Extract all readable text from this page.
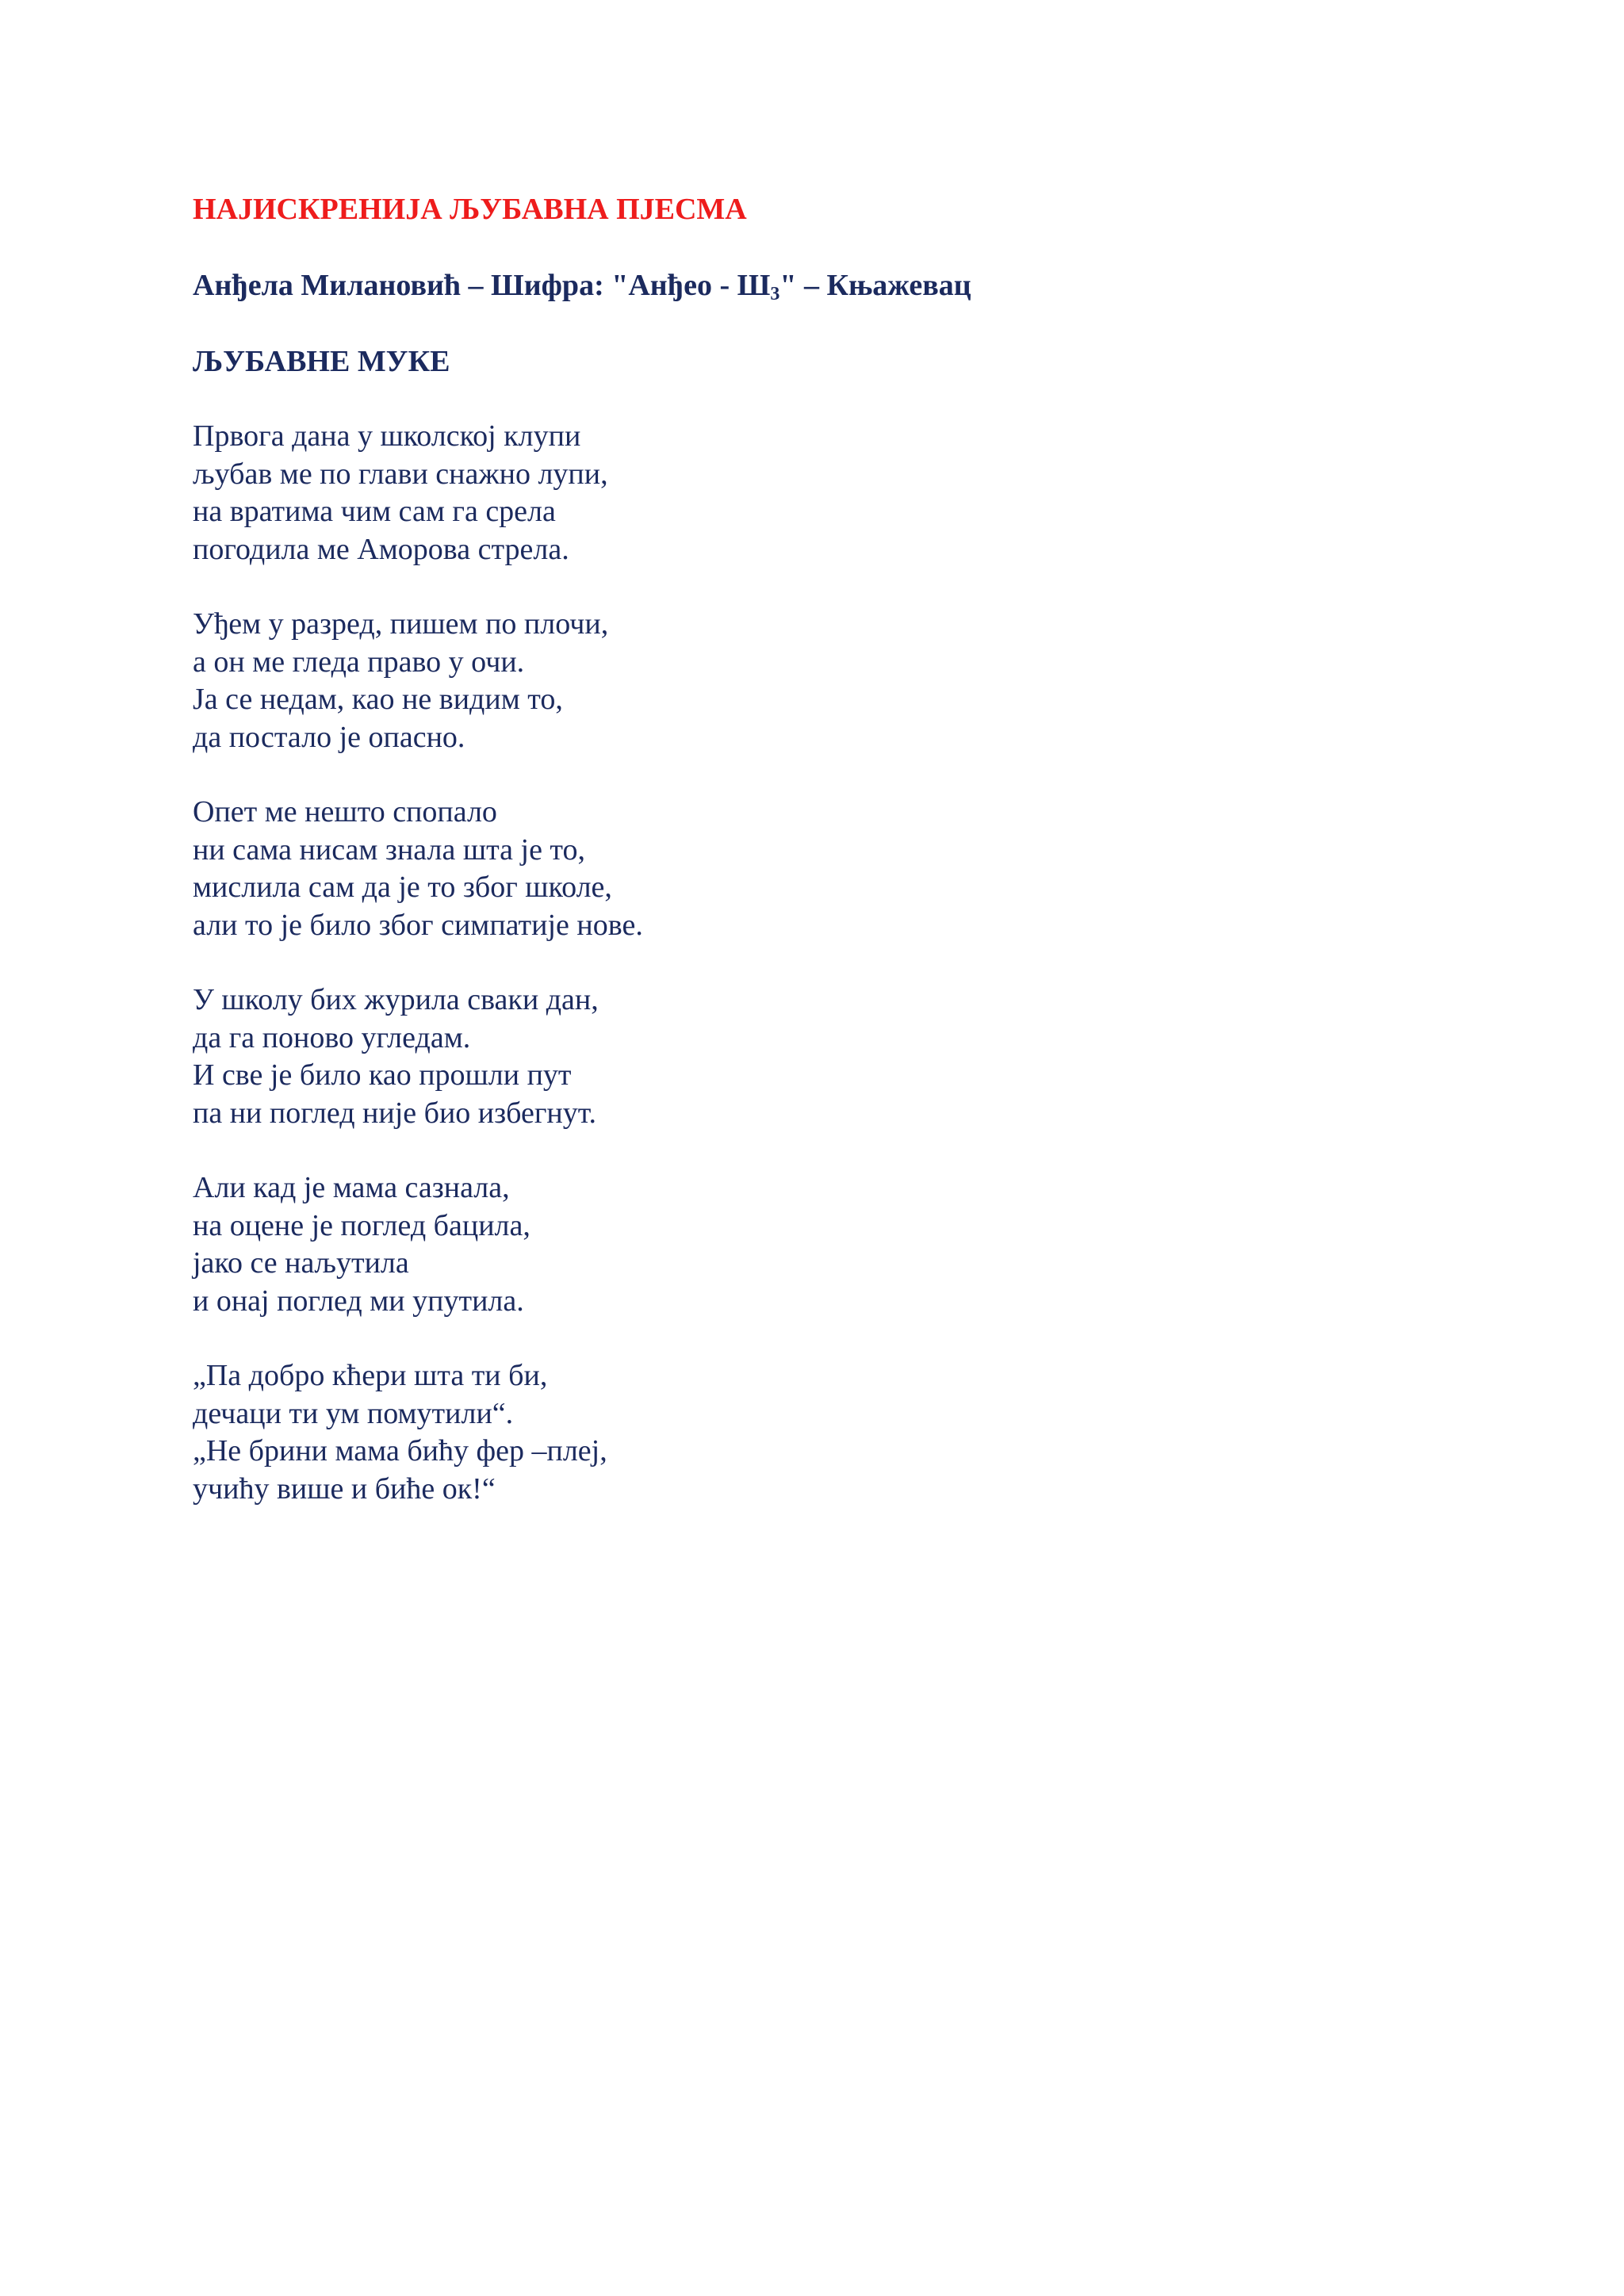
НАЈИСКРЕНИЈА ЉУБАВНА ПЈЕСМА
Анђела Милановић – Шифра: "Анђео - $Ш_3$" – Књажевац
ЉУБАВНЕ МУКЕ
Првога дана у школској клупи
љубав ме по глави снажно лупи,
на вратима чим сам га срела
погодила ме Аморова стрела.
Уђем у разред, пишем по плочи,
а он ме гледа право у очи.
Ја се недам, као не видим то,
да постало је опасно.
Опет ме нешто спопало
ни сама нисам знала шта је то,
мислила сам да је то због школе,
али то је било због симпатије нове.
У школу бих журила сваки дан,
да га поново угледам.
И све је било као прошли пут
па ни поглед није био избегнут.
Али кад је мама сазнала,
на оцене је поглед бацила,
јако се наљутила
и онај поглед ми упутила.
„Па добро кћери шта ти би,
дечаци ти ум помутили“.
„Не брини мама бићу фер –плеј,
учићу више и биће ок!“
